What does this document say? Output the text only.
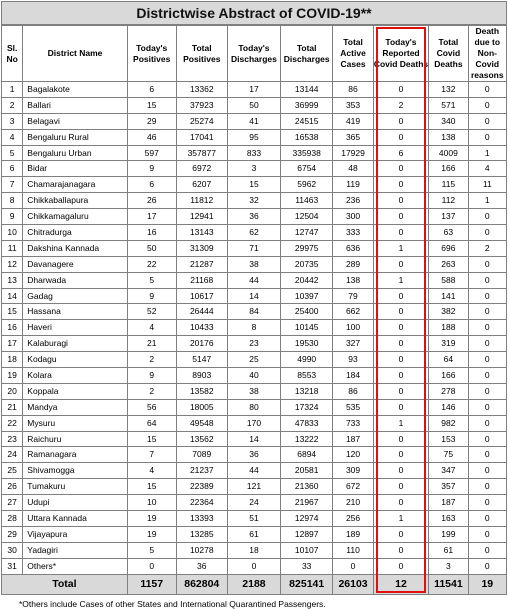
Districtwise Abstract of COVID-19**
Sl. No	District Name	Today's Positives	Total Positives	Today's Discharges	Total Discharges	Total Active Cases	Today's Reported Covid Deaths	Total Covid Deaths	Death due to Non-Covid reasons
1	Bagalakote	6	13362	17	13144	86	0	132	0
2	Ballari	15	37923	50	36999	353	2	571	0
3	Belagavi	29	25274	41	24515	419	0	340	0
4	Bengaluru Rural	46	17041	95	16538	365	0	138	0
5	Bengaluru Urban	597	357877	833	335938	17929	6	4009	1
6	Bidar	9	6972	3	6754	48	0	166	4
7	Chamarajanagara	6	6207	15	5962	119	0	115	11
8	Chikkaballapura	26	11812	32	11463	236	0	112	1
9	Chikkamagaluru	17	12941	36	12504	300	0	137	0
10	Chitradurga	16	13143	62	12747	333	0	63	0
11	Dakshina Kannada	50	31309	71	29975	636	1	696	2
12	Davanagere	22	21287	38	20735	289	0	263	0
13	Dharwada	5	21168	44	20442	138	1	588	0
14	Gadag	9	10617	14	10397	79	0	141	0
15	Hassana	52	26444	84	25400	662	0	382	0
16	Haveri	4	10433	8	10145	100	0	188	0
17	Kalaburagi	21	20176	23	19530	327	0	319	0
18	Kodagu	2	5147	25	4990	93	0	64	0
19	Kolara	9	8903	40	8553	184	0	166	0
20	Koppala	2	13582	38	13218	86	0	278	0
21	Mandya	56	18005	80	17324	535	0	146	0
22	Mysuru	64	49548	170	47833	733	1	982	0
23	Raichuru	15	13562	14	13222	187	0	153	0
24	Ramanagara	7	7089	36	6894	120	0	75	0
25	Shivamogga	4	21237	44	20581	309	0	347	0
26	Tumakuru	15	22389	121	21360	672	0	357	0
27	Udupi	10	22364	24	21967	210	0	187	0
28	Uttara Kannada	19	13393	51	12974	256	1	163	0
29	Vijayapura	19	13285	61	12897	189	0	199	0
30	Yadagiri	5	10278	18	10107	110	0	61	0
31	Others*	0	36	0	33	0	0	3	0
Total		1157	862804	2188	825141	26103	12	11541	19
*Others include Cases of other States and International Quarantined Passengers.
